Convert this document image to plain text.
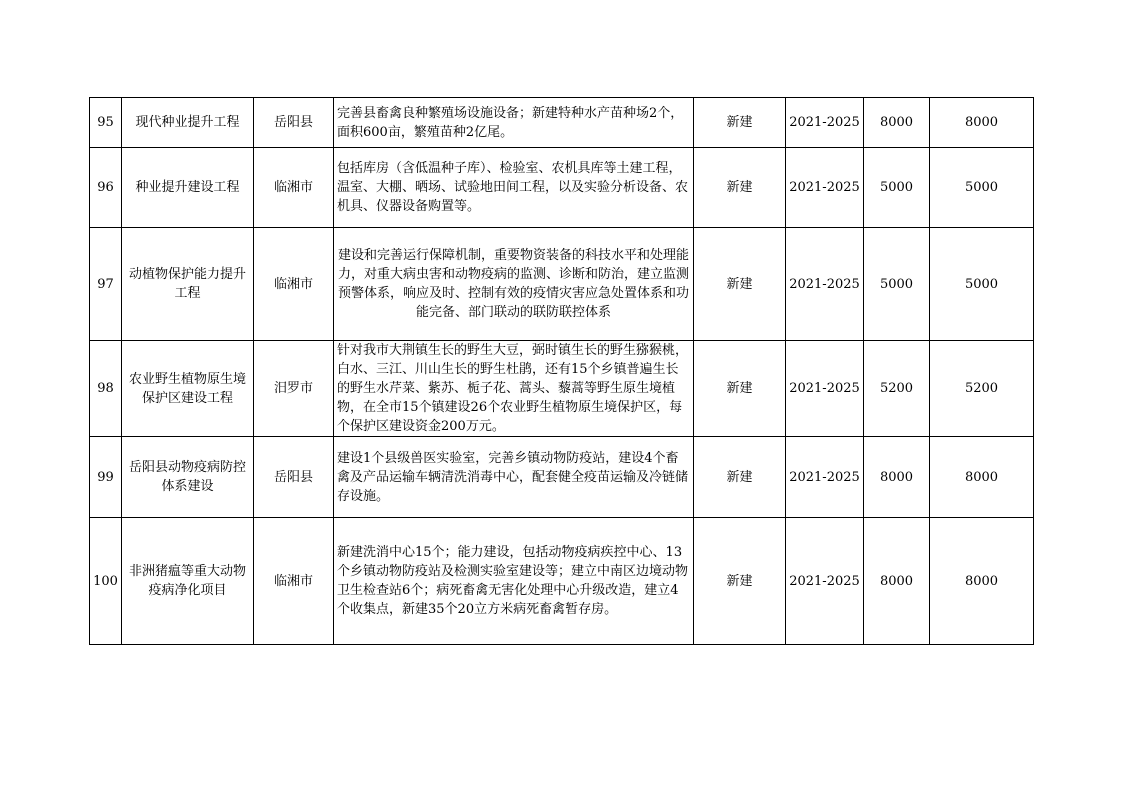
95	现代种业提升工程	岳阳县	完善县畜禽良种繁殖场设施设备；新建特种水产苗种场2个，面积600亩，繁殖苗种2亿尾。	新建	2021-2025	8000	8000
96	种业提升建设工程	临湘市	包括库房（含低温种子库）、检验室、农机具库等土建工程，温室、大棚、晒场、试验地田间工程，以及实验分析设备、农机具、仪器设备购置等。	新建	2021-2025	5000	5000
97	动植物保护能力提升工程	临湘市	建设和完善运行保障机制，重要物资装备的科技水平和处理能力，对重大病虫害和动物疫病的监测、诊断和防治，建立监测预警体系，响应及时、控制有效的疫情灾害应急处置体系和功能完备、部门联动的联防联控体系	新建	2021-2025	5000	5000
98	农业野生植物原生境保护区建设工程	汨罗市	针对我市大荆镇生长的野生大豆，弼时镇生长的野生猕猴桃，白水、三江、川山生长的野生杜鹃，还有15个乡镇普遍生长的野生水芹菜、紫苏、栀子花、蒿头、藜蒿等野生原生境植物，在全市15个镇建设26个农业野生植物原生境保护区，每个保护区建设资金200万元。	新建	2021-2025	5200	5200
99	岳阳县动物疫病防控体系建设	岳阳县	建设1个县级兽医实验室，完善乡镇动物防疫站，建设4个畜禽及产品运输车辆清洗消毒中心，配套健全疫苗运输及冷链储存设施。	新建	2021-2025	8000	8000
100	非洲猪瘟等重大动物疫病净化项目	临湘市	新建洗消中心15个；能力建设，包括动物疫病疾控中心、13个乡镇动物防疫站及检测实验室建设等；建立中南区边境动物卫生检查站6个；病死畜禽无害化处理中心升级改造，建立4个收集点，新建35个20立方米病死畜禽暂存房。	新建	2021-2025	8000	8000
